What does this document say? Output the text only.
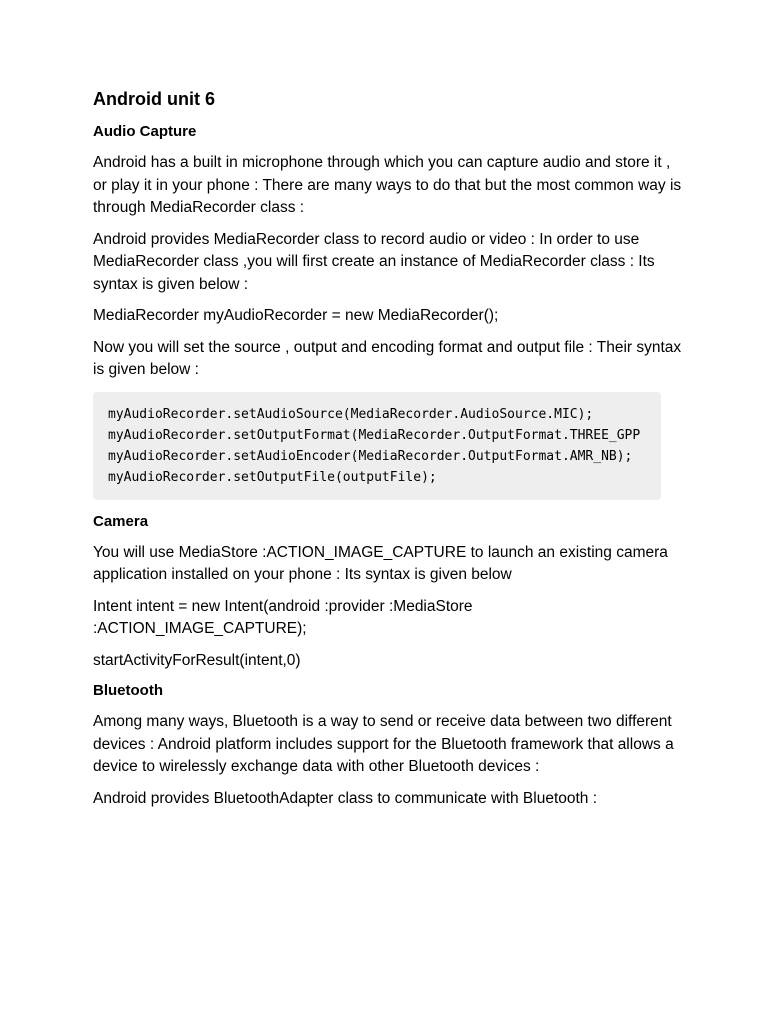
Android unit 6
Audio Capture

Android has a built in microphone through which you can capture audio and store it , or play it in your phone : There are many ways to do that but the most common way is through MediaRecorder class :

Android provides MediaRecorder class to record audio or video : In order to use MediaRecorder class ,you will first create an instance of MediaRecorder class : Its syntax is given below :

MediaRecorder myAudioRecorder = new MediaRecorder();

Now you will set the source , output and encoding format and output file : Their syntax is given below :

myAudioRecorder.setAudioSource(MediaRecorder.AudioSource.MIC);
myAudioRecorder.setOutputFormat(MediaRecorder.OutputFormat.THREE_GPP
myAudioRecorder.setAudioEncoder(MediaRecorder.OutputFormat.AMR_NB);
myAudioRecorder.setOutputFile(outputFile);
Camera

You will use MediaStore :ACTION_IMAGE_CAPTURE to launch an existing camera application installed on your phone : Its syntax is given below

Intent intent = new Intent(android :provider :MediaStore :ACTION_IMAGE_CAPTURE);

startActivityForResult(intent,0)

Bluetooth

Among many ways, Bluetooth is a way to send or receive data between two different devices : Android platform includes support for the Bluetooth framework that allows a device to wirelessly exchange data with other Bluetooth devices :

Android provides BluetoothAdapter class to communicate with Bluetooth :
